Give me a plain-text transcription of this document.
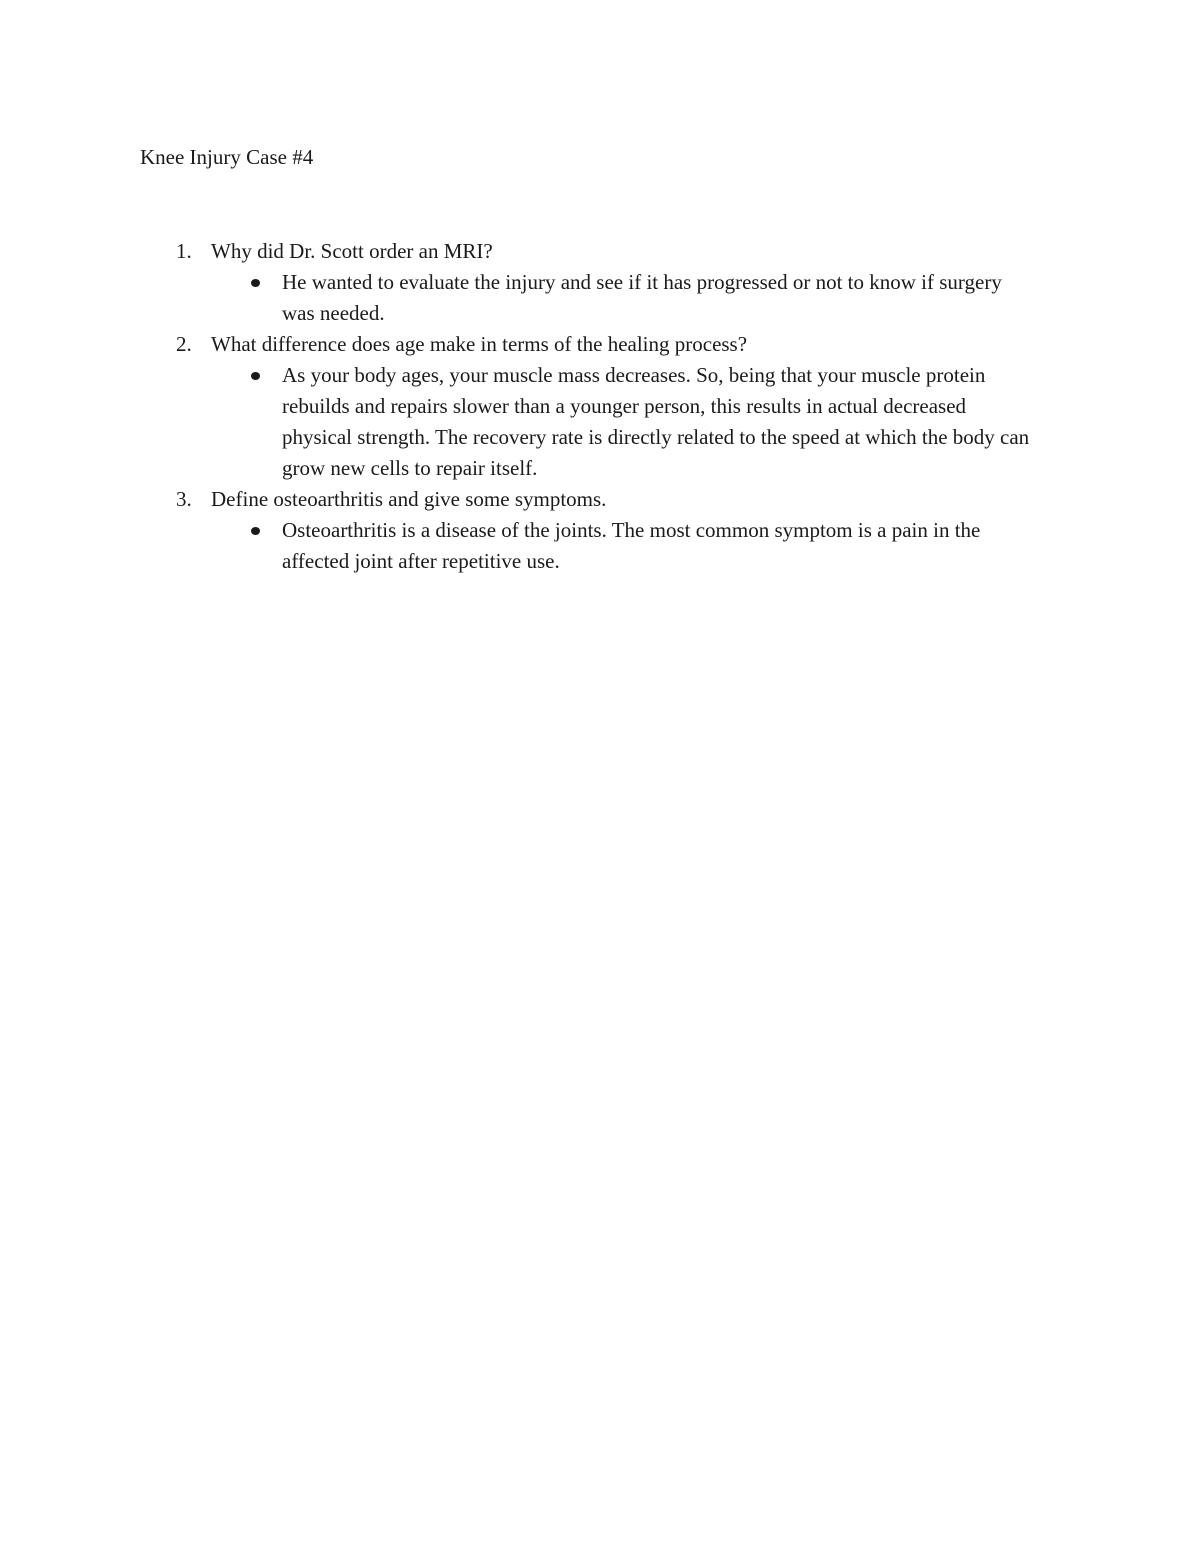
Knee Injury Case #4
1. Why did Dr. Scott order an MRI?
He wanted to evaluate the injury and see if it has progressed or not to know if surgery was needed.
2. What difference does age make in terms of the healing process?
As your body ages, your muscle mass decreases. So, being that your muscle protein rebuilds and repairs slower than a younger person, this results in actual decreased physical strength. The recovery rate is directly related to the speed at which the body can grow new cells to repair itself.
3. Define osteoarthritis and give some symptoms.
Osteoarthritis is a disease of the joints. The most common symptom is a pain in the affected joint after repetitive use.
